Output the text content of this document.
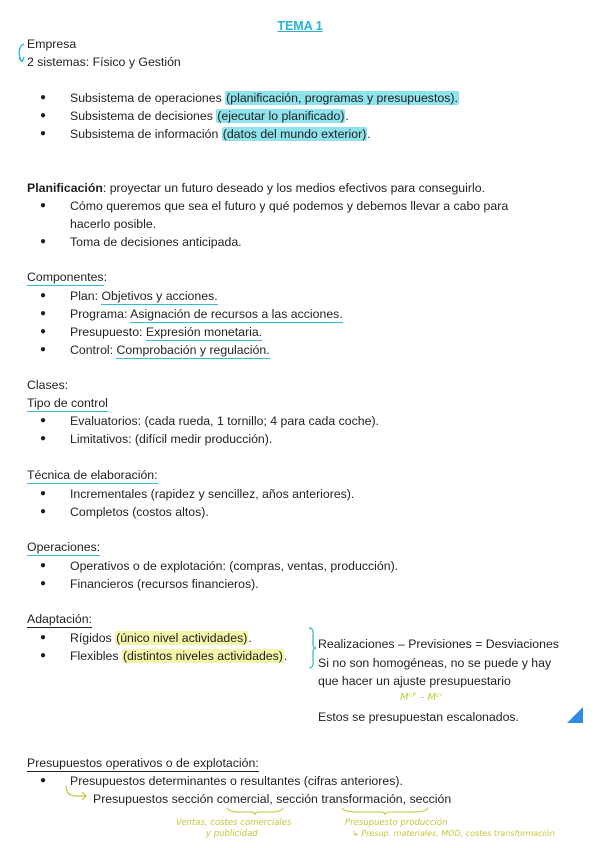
TEMA 1
Empresa
2 sistemas: Físico y Gestión
● Subsistema de operaciones (planificación, programas y presupuestos).
● Subsistema de decisiones (ejecutar lo planificado).
● Subsistema de información (datos del mundo exterior).
Planificación: proyectar un futuro deseado y los medios efectivos para conseguirlo.
● Cómo queremos que sea el futuro y qué podemos y debemos llevar a cabo para
hacerlo posible.
● Toma de decisiones anticipada.
Componentes:
● Plan: Objetivos y acciones.
● Programa: Asignación de recursos a las acciones.
● Presupuesto: Expresión monetaria.
● Control: Comprobación y regulación.
Clases:
Tipo de control
● Evaluatorios: (cada rueda, 1 tornillo; 4 para cada coche).
● Limitativos: (difícil medir producción).
Técnica de elaboración:
● Incrementales (rapidez y sencillez, años anteriores).
● Completos (costos altos).
Operaciones:
● Operativos o de explotación: (compras, ventas, producción).
● Financieros (recursos financieros).
Adaptación:
● Rígidos (único nivel actividades).
● Flexibles (distintos niveles actividades).
Realizaciones – Previsiones = Desviaciones
Si no son homogéneas, no se puede y hay
que hacer un ajuste presupuestario
Mᶜᴾ – Mᶜʳ
Estos se presupuestan escalonados.
Presupuestos operativos o de explotación:
● Presupuestos determinantes o resultantes (cifras anteriores).
Presupuestos sección comercial, sección transformación, sección
Ventas, costes comerciales
y publicidad
Presupuesto producción
↳ Presup. materiales, MOD, costes transformación
